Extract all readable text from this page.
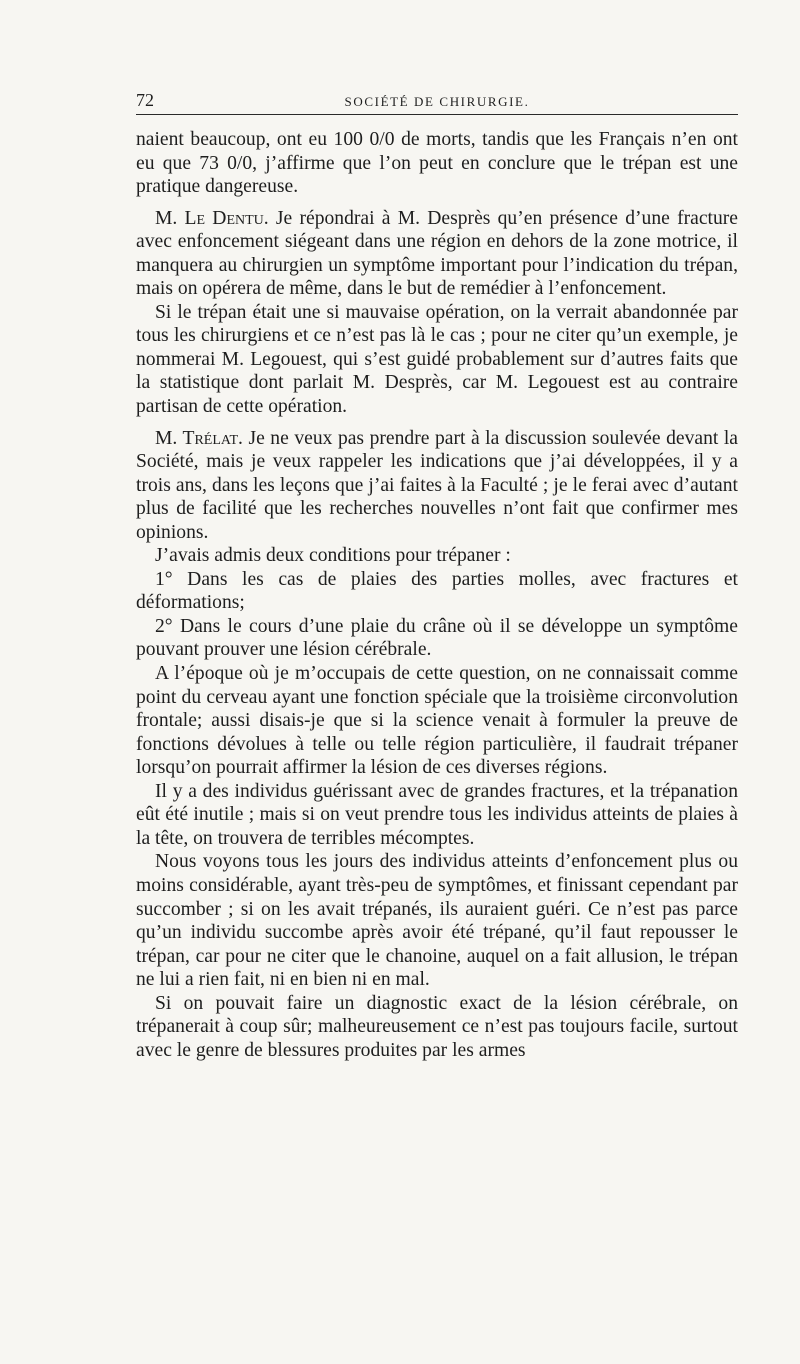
72	SOCIÉTÉ DE CHIRURGIE.

naient beaucoup, ont eu 100 0/0 de morts, tandis que les Français n’en ont eu que 73 0/0, j’affirme que l’on peut en conclure que le trépan est une pratique dangereuse.

M. Le Dentu. Je répondrai à M. Desprès qu’en présence d’une fracture avec enfoncement siégeant dans une région en dehors de la zone motrice, il manquera au chirurgien un symptôme important pour l’indication du trépan, mais on opérera de même, dans le but de remédier à l’enfoncement.

Si le trépan était une si mauvaise opération, on la verrait abandonnée par tous les chirurgiens et ce n’est pas là le cas ; pour ne citer qu’un exemple, je nommerai M. Legouest, qui s’est guidé probablement sur d’autres faits que la statistique dont parlait M. Desprès, car M. Legouest est au contraire partisan de cette opération.

M. Trélat. Je ne veux pas prendre part à la discussion soulevée devant la Société, mais je veux rappeler les indications que j’ai développées, il y a trois ans, dans les leçons que j’ai faites à la Faculté ; je le ferai avec d’autant plus de facilité que les recherches nouvelles n’ont fait que confirmer mes opinions.

J’avais admis deux conditions pour trépaner :

1° Dans les cas de plaies des parties molles, avec fractures et déformations;

2° Dans le cours d’une plaie du crâne où il se développe un symptôme pouvant prouver une lésion cérébrale.

A l’époque où je m’occupais de cette question, on ne connaissait comme point du cerveau ayant une fonction spéciale que la troisième circonvolution frontale; aussi disais-je que si la science venait à formuler la preuve de fonctions dévolues à telle ou telle région particulière, il faudrait trépaner lorsqu’on pourrait affirmer la lésion de ces diverses régions.

Il y a des individus guérissant avec de grandes fractures, et la trépanation eût été inutile ; mais si on veut prendre tous les individus atteints de plaies à la tête, on trouvera de terribles mécomptes.

Nous voyons tous les jours des individus atteints d’enfoncement plus ou moins considérable, ayant très-peu de symptômes, et finissant cependant par succomber ; si on les avait trépanés, ils auraient guéri. Ce n’est pas parce qu’un individu succombe après avoir été trépané, qu’il faut repousser le trépan, car pour ne citer que le chanoine, auquel on a fait allusion, le trépan ne lui a rien fait, ni en bien ni en mal.

Si on pouvait faire un diagnostic exact de la lésion cérébrale, on trépanerait à coup sûr; malheureusement ce n’est pas toujours facile, surtout avec le genre de blessures produites par les armes
